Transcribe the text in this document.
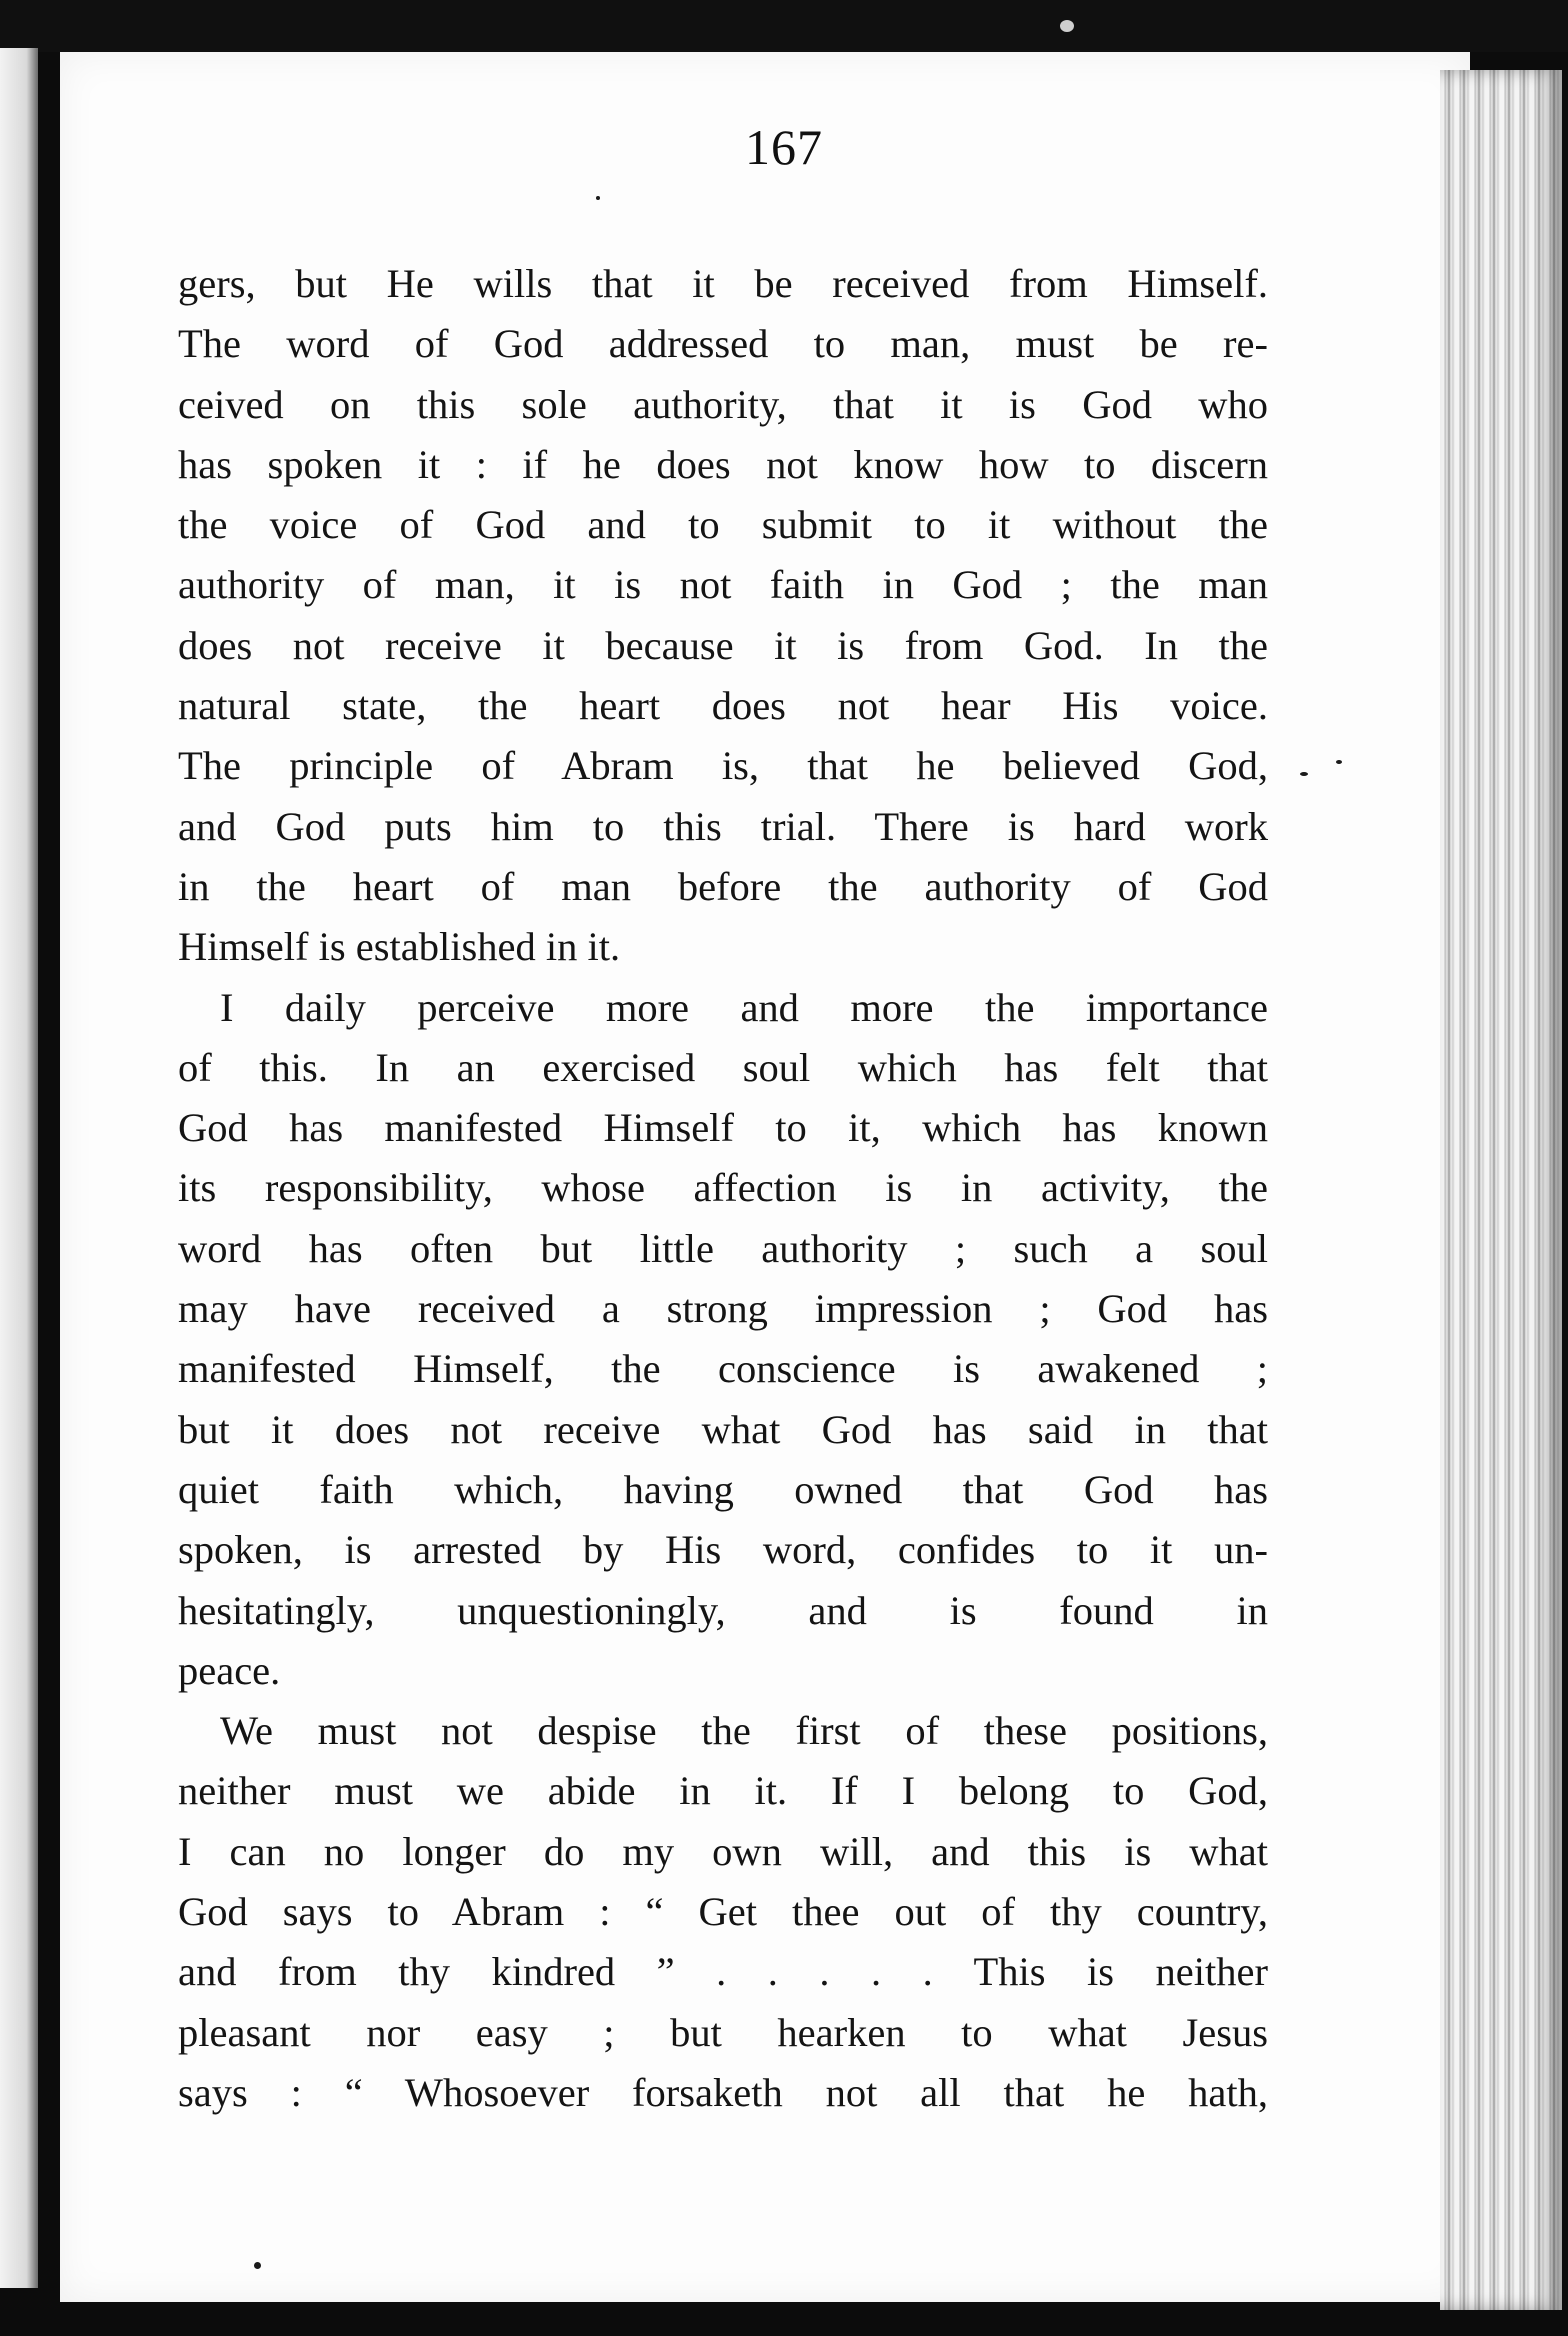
167
gers, but He wills that it be received from Himself.
The word of God addressed to man, must be re-
ceived on this sole authority, that it is God who
has spoken it : if he does not know how to discern
the voice of God and to submit to it without the
authority of man, it is not faith in God ; the man
does not receive it because it is from God. In the
natural state, the heart does not hear His voice.
The principle of Abram is, that he believed God,
and God puts him to this trial. There is hard work
in the heart of man before the authority of God
Himself is established in it.
I daily perceive more and more the importance
of this. In an exercised soul which has felt that
God has manifested Himself to it, which has known
its responsibility, whose affection is in activity, the
word has often but little authority ; such a soul
may have received a strong impression ; God has
manifested Himself, the conscience is awakened ;
but it does not receive what God has said in that
quiet faith which, having owned that God has
spoken, is arrested by His word, confides to it un-
hesitatingly, unquestioningly, and is found in
peace.
We must not despise the first of these positions,
neither must we abide in it. If I belong to God,
I can no longer do my own will, and this is what
God says to Abram : “ Get thee out of thy country,
and from thy kindred ” . . . . . This is neither
pleasant nor easy ; but hearken to what Jesus
says : “ Whosoever forsaketh not all that he hath,
